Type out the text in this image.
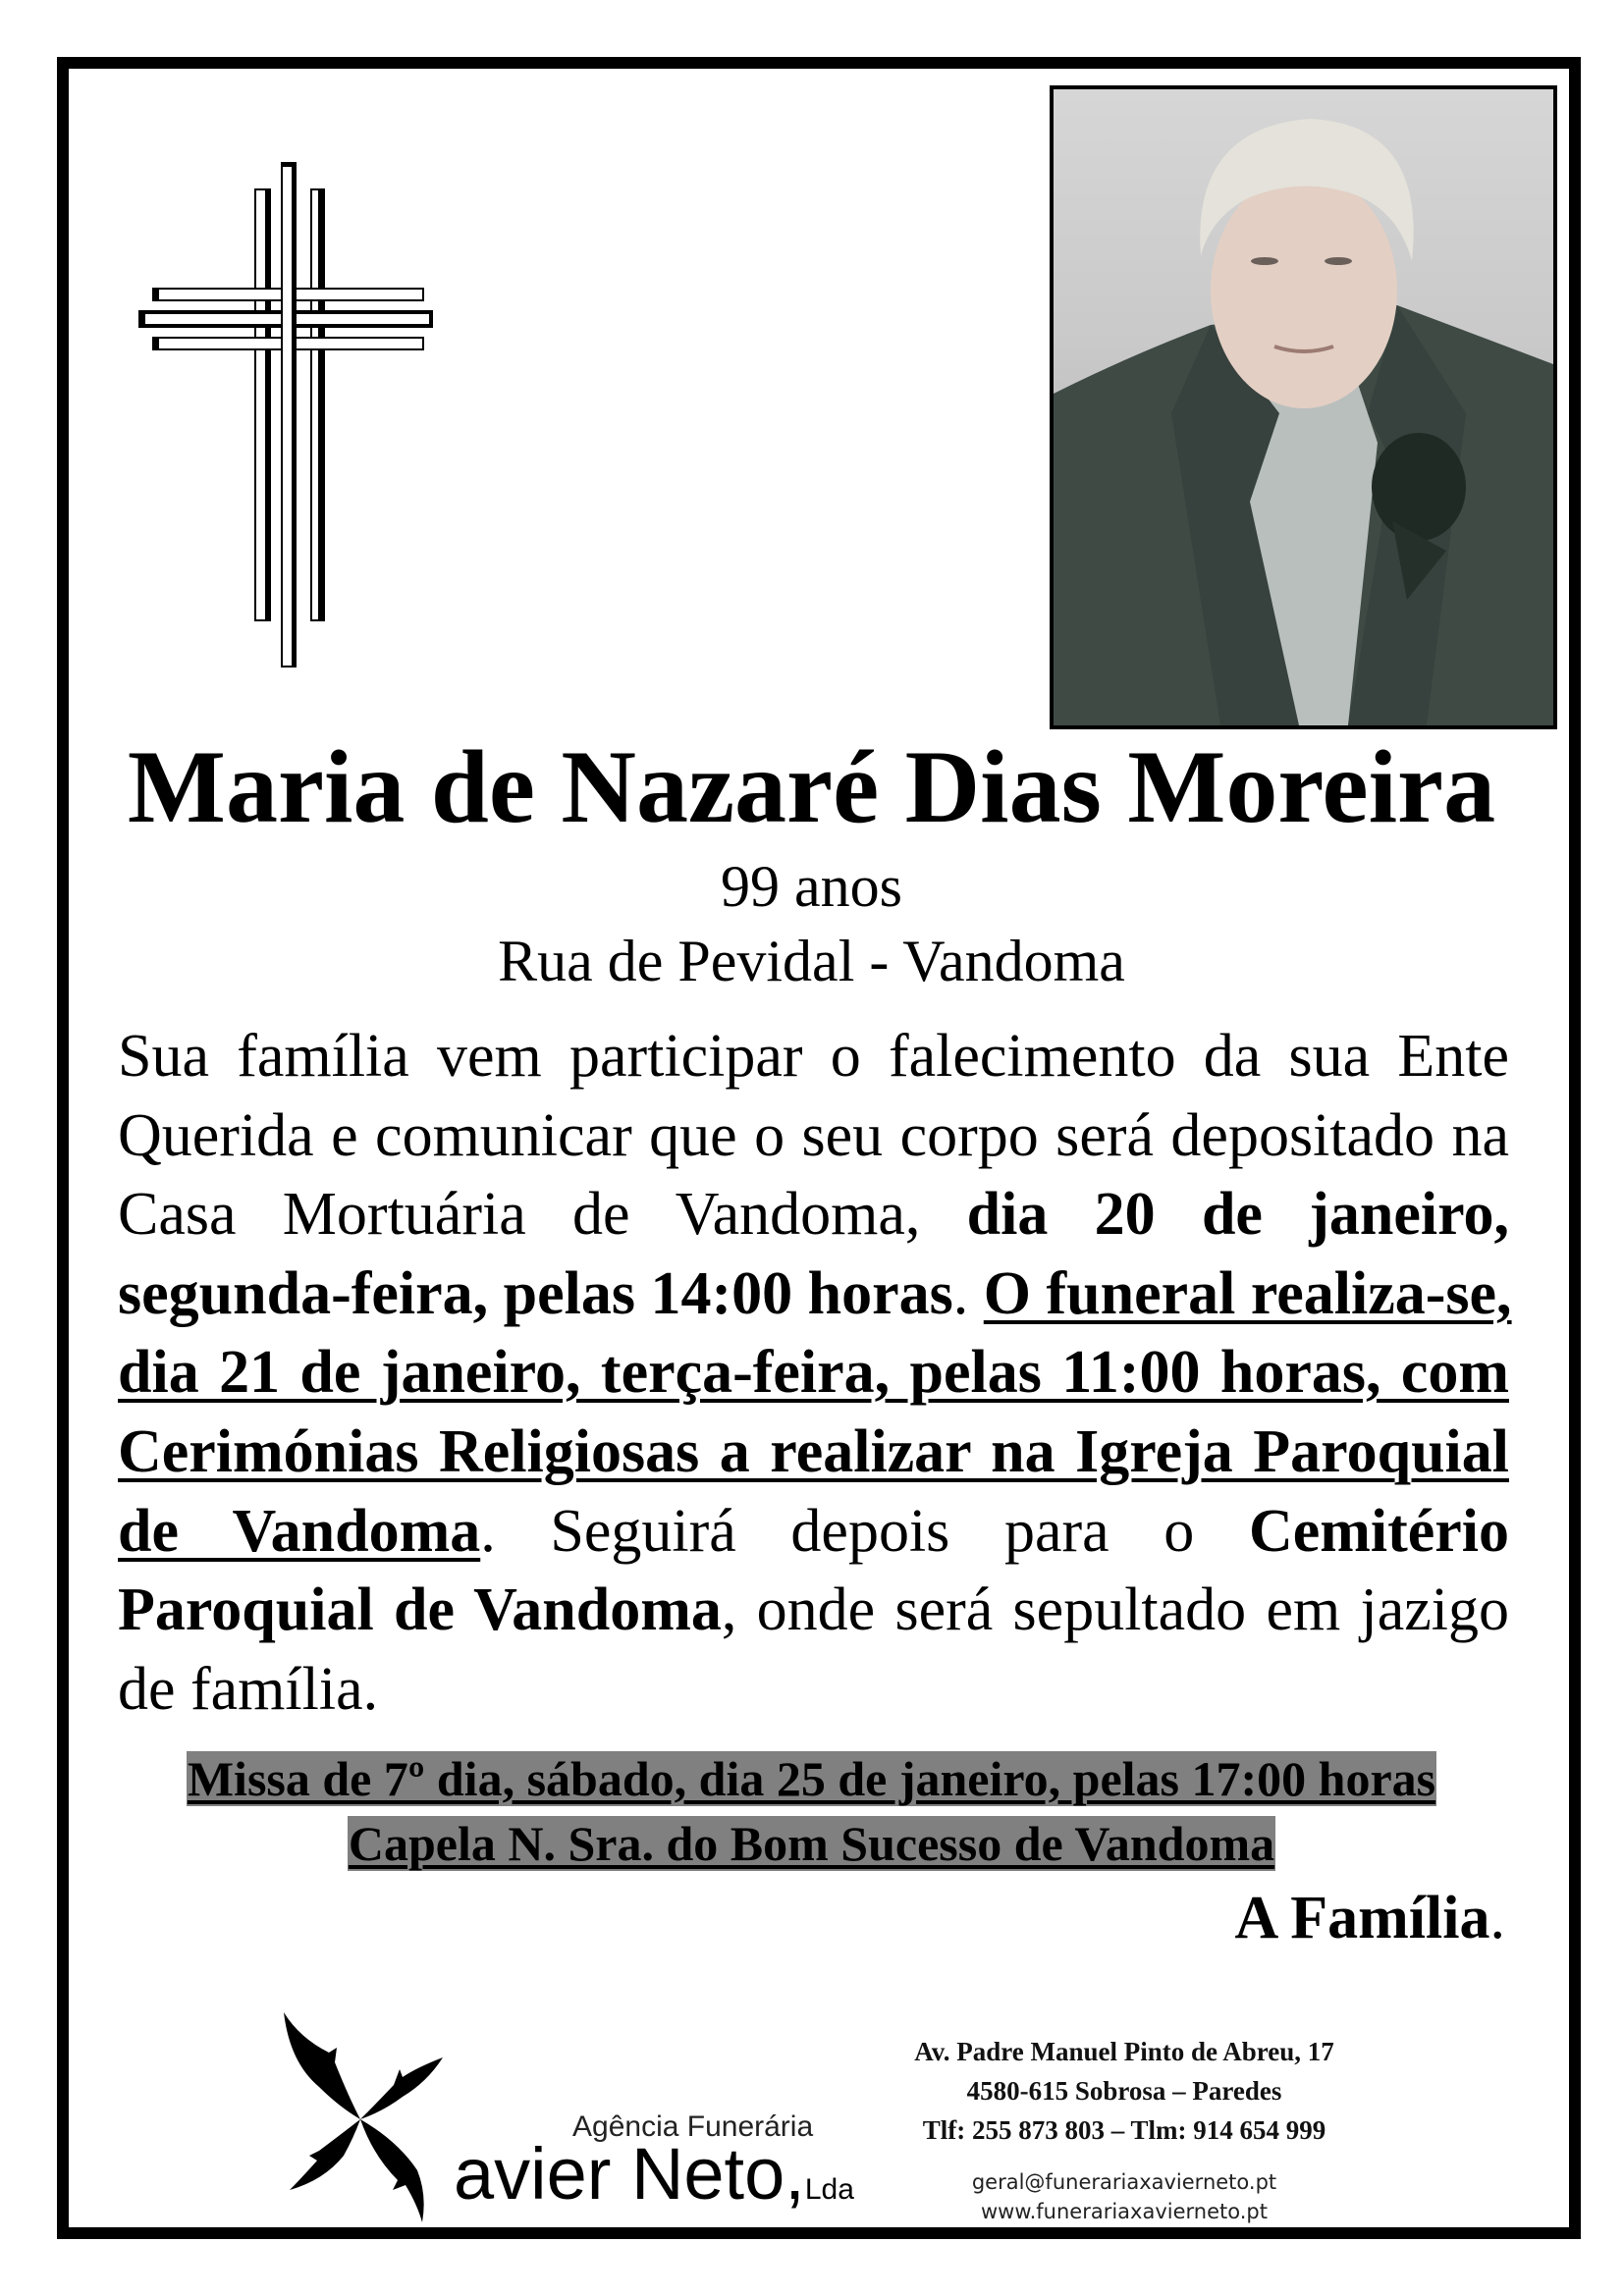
Maria de Nazaré Dias Moreira
99 anos
Rua de Pevidal - Vandoma
Sua família vem participar o falecimento da sua Ente
Querida e comunicar que o seu corpo será depositado na
Casa Mortuária de Vandoma, dia 20 de janeiro,
segunda-feira, pelas 14:00 horas. O funeral realiza-se,
dia 21 de janeiro, terça-feira, pelas 11:00 horas, com
Cerimónias Religiosas a realizar na Igreja Paroquial
de Vandoma. Seguirá depois para o Cemitério
Paroquial de Vandoma, onde será sepultado em jazigo
de família.
Missa de 7º dia, sábado, dia 25 de janeiro, pelas 17:00 horas
Capela N. Sra. do Bom Sucesso de Vandoma
A Família.
Agência Funerária
avier Neto,Lda
Av. Padre Manuel Pinto de Abreu, 17
4580-615 Sobrosa – Paredes
Tlf: 255 873 803 – Tlm: 914 654 999
geral@funerariaxavierneto.pt
www.funerariaxavierneto.pt
